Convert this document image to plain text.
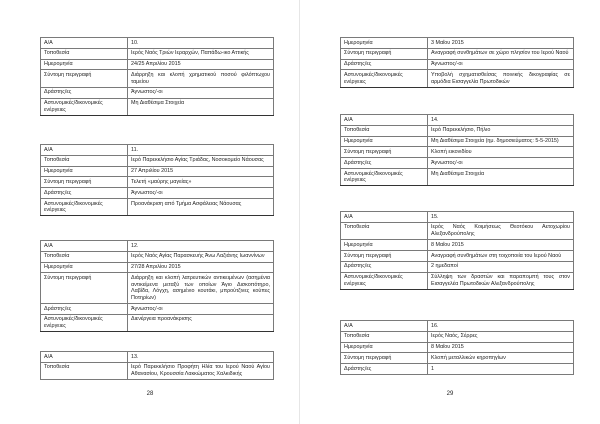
Α/Α	10.
Τοποθεσία	Ιερός Ναός Τριών Ιεραρχών, Παπάδω-ικο Αττικής
Ημερομηνία	24/25 Απριλίου 2015
Σύντομη περιγραφή	Διάρρηξη και κλοπή χρηματικού ποσού φιλόπτωχου ταμείου
Δράστης/ες	Άγνωστος/-οι
Αστυνομικές/δικονομικές ενέργειες	Μη Διαθέσιμα Στοιχεία
Α/Α	11.
Τοποθεσία	Ιερό Παρεκκλήσιο Αγίας Τριάδας, Νοσοκομείο Νάουσας
Ημερομηνία	27 Απριλίου 2015
Σύντομη περιγραφή	Τελετή «μαύρης μαγείας»
Δράστης/ες	Άγνωστος/-οι
Αστυνομικές/δικονομικές ενέργειες	Προανάκριση από Τμήμα Ασφάλειας Νάουσας
Α/Α	12.
Τοποθεσία	Ιερός Ναός Αγίας Παρασκευής Άνω Λαζιάνης Ιωαννίνων
Ημερομηνία	27/28 Απριλίου 2015
Σύντομη περιγραφή	Διάρρηξη και κλοπή λατρευτικών αντικειμένων (ασημένια αντικείμενα μεταξύ των οποίων Άγιο Δισκοπότηρο, Λαβίδα, Λόγχη, ασημένιο κουτάκι, μπρούτζινες κούπες Ποτηρίων)
Δράστης/ες	Άγνωστος/-οι
Αστυνομικές/δικονομικές ενέργειες	Διενέργεια προανάκρισης
Α/Α	13.
Τοποθεσία	Ιερό Παρεκκλήσιο Προφήτη Ηλία του Ιερού Ναού Αγίου Αθανασίου, Κρουσσία Λακκώματος Χαλκιδικής
28
Ημερομηνία	3 Μαΐου 2015
Σύντομη περιγραφή	Αναγραφή συνθημάτων σε χώρο πλησίον του Ιερού Ναού
Δράστης/ες	Άγνωστος/-οι
Αστυνομικές/δικονομικές ενέργειες	Υποβολή σχηματισθείσας ποινικής δικογραφίας σε αρμόδια Εισαγγελία Πρωτοδικών
Α/Α	14.
Τοποθεσία	Ιερό Παρεκκλήσιο, Πήλιο
Ημερομηνία	Μη Διαθέσιμα Στοιχεία (ημ. δημοσιεύματος: 5-5-2015)
Σύντομη περιγραφή	Κλοπή εικονιδίου
Δράστης/ες	Άγνωστος/-οι
Αστυνομικές/δικονομικές ενέργειες	Μη Διαθέσιμα Στοιχεία
Α/Α	15.
Τοποθεσία	Ιερός Ναός Κοιμήσεως Θεοτόκου Αετοχωρίου Αλεξανδρούπολης
Ημερομηνία	8 Μαΐου 2015
Σύντομη περιγραφή	Αναγραφή συνθημάτων στη τοιχοποιία του Ιερού Ναού
Δράστης/ες	2 ημεδαποί
Αστυνομικές/δικονομικές ενέργειες	Σύλληψη των δραστών και παραπομπή τους στον Εισαγγελέα Πρωτοδικών Αλεξανδρούπολης
Α/Α	16.
Τοποθεσία	Ιερός Ναός, Σέρρες
Ημερομηνία	8 Μαΐου 2015
Σύντομη περιγραφή	Κλοπή μεταλλικών κηροπηγίων
Δράστης/ες	1
29
